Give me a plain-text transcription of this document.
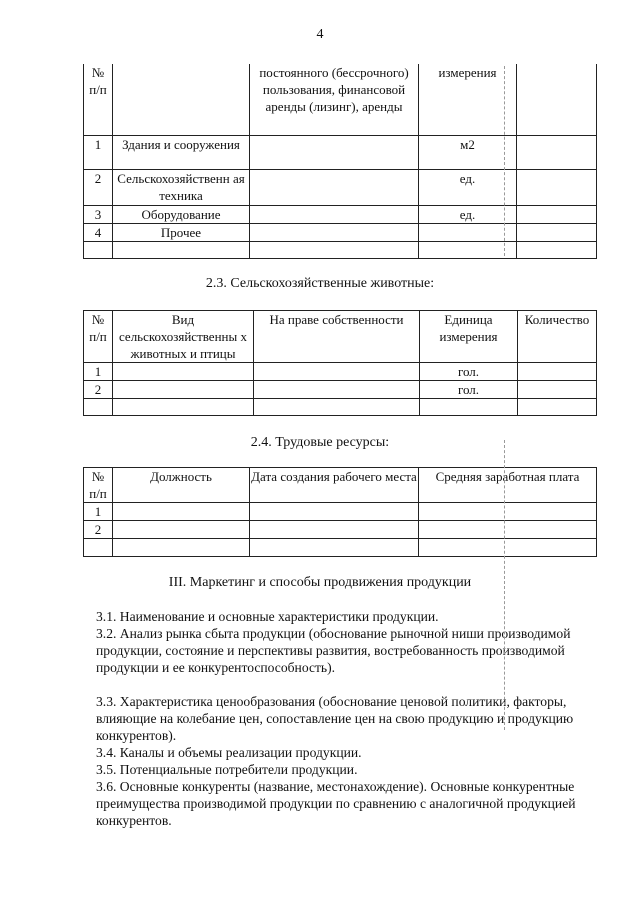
4
№ п/п		постоянного (бессрочного) пользования, финансовой аренды (лизинг), аренды	измерения	
1	Здания и сооружения		м2	
2	Сельскохозяйственн ая техника		ед.	
3	Оборудование		ед.	
4	Прочее			

2.3. Сельскохозяйственные животные:
№ п/п	Вид сельскохозяйственны х животных и птицы	На праве собственности	Единица измерения	Количество
1			гол.	
2			гол.	

2.4. Трудовые ресурсы:
№ п/п	Должность	Дата создания рабочего места	Средняя заработная плата
1			
2			

III. Маркетинг и способы продвижения продукции
3.1. Наименование и основные характеристики продукции.
3.2. Анализ рынка сбыта продукции (обоснование рыночной ниши производимой продукции, состояние и перспективы развития, востребованность производимой продукции и ее конкурентоспособность).
3.3. Характеристика ценообразования (обоснование ценовой политики, факторы, влияющие на колебание цен, сопоставление цен на свою продукцию и продукцию конкурентов).
3.4. Каналы и объемы реализации продукции.
3.5. Потенциальные потребители продукции.
3.6. Основные конкуренты (название, местонахождение). Основные конкурентные преимущества производимой продукции по сравнению с аналогичной продукцией конкурентов.
